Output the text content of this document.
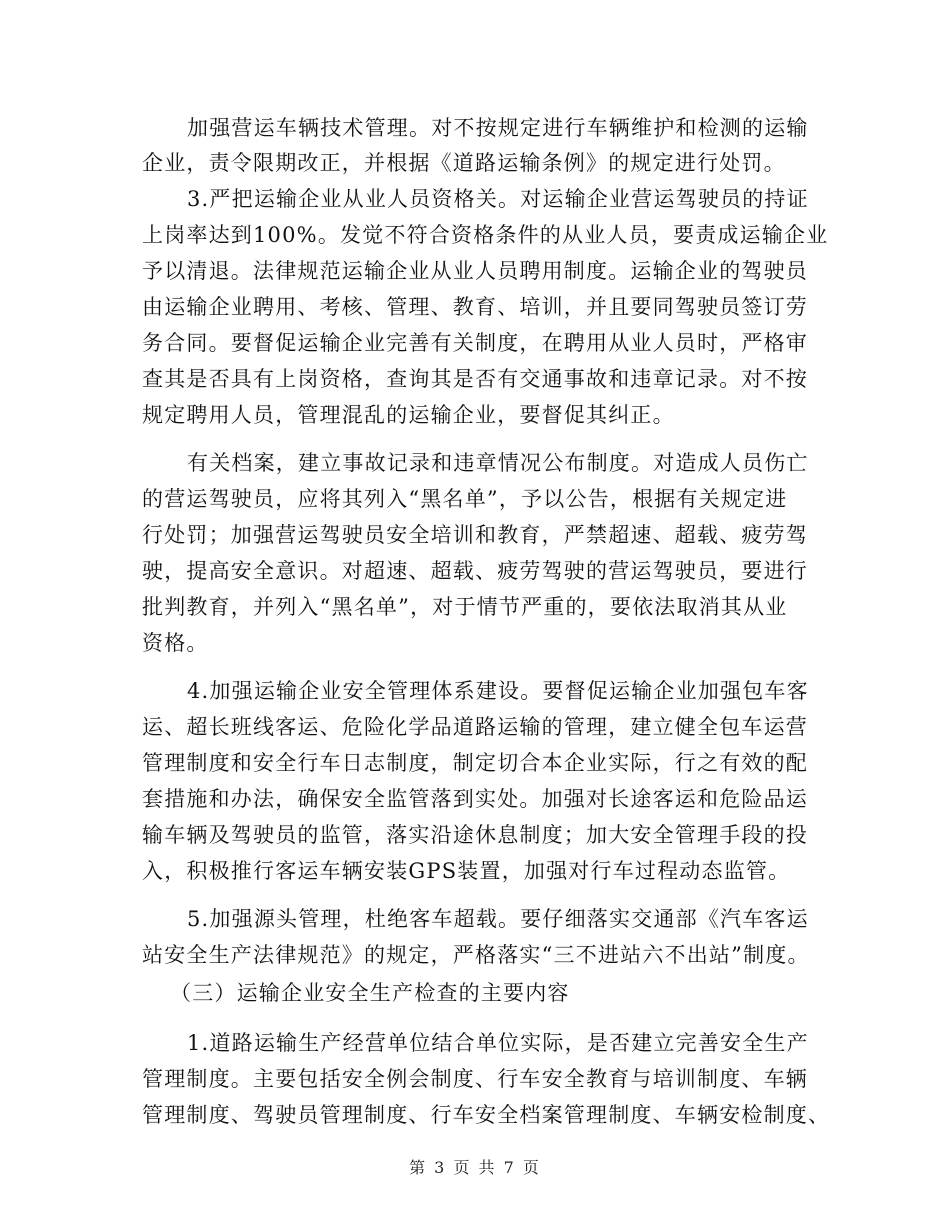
加强营运车辆技术管理。对不按规定进行车辆维护和检测的运输
企业，责令限期改正，并根据《道路运输条例》的规定进行处罚。
3.严把运输企业从业人员资格关。对运输企业营运驾驶员的持证
上岗率达到100%。发觉不符合资格条件的从业人员，要责成运输企业
予以清退。法律规范运输企业从业人员聘用制度。运输企业的驾驶员
由运输企业聘用、考核、管理、教育、培训，并且要同驾驶员签订劳
务合同。要督促运输企业完善有关制度，在聘用从业人员时，严格审
查其是否具有上岗资格，查询其是否有交通事故和违章记录。对不按
规定聘用人员，管理混乱的运输企业，要督促其纠正。
有关档案，建立事故记录和违章情况公布制度。对造成人员伤亡
的营运驾驶员，应将其列入“黑名单”，予以公告，根据有关规定进
行处罚；加强营运驾驶员安全培训和教育，严禁超速、超载、疲劳驾
驶，提高安全意识。对超速、超载、疲劳驾驶的营运驾驶员，要进行
批判教育，并列入“黑名单”，对于情节严重的，要依法取消其从业
资格。
4.加强运输企业安全管理体系建设。要督促运输企业加强包车客
运、超长班线客运、危险化学品道路运输的管理，建立健全包车运营
管理制度和安全行车日志制度，制定切合本企业实际，行之有效的配
套措施和办法，确保安全监管落到实处。加强对长途客运和危险品运
输车辆及驾驶员的监管，落实沿途休息制度；加大安全管理手段的投
入，积极推行客运车辆安装GPS装置，加强对行车过程动态监管。
5.加强源头管理，杜绝客车超载。要仔细落实交通部《汽车客运
站安全生产法律规范》的规定，严格落实“三不进站六不出站”制度。
（三）运输企业安全生产检查的主要内容
1.道路运输生产经营单位结合单位实际，是否建立完善安全生产
管理制度。主要包括安全例会制度、行车安全教育与培训制度、车辆
管理制度、驾驶员管理制度、行车安全档案管理制度、车辆安检制度、
第 3 页 共 7 页
